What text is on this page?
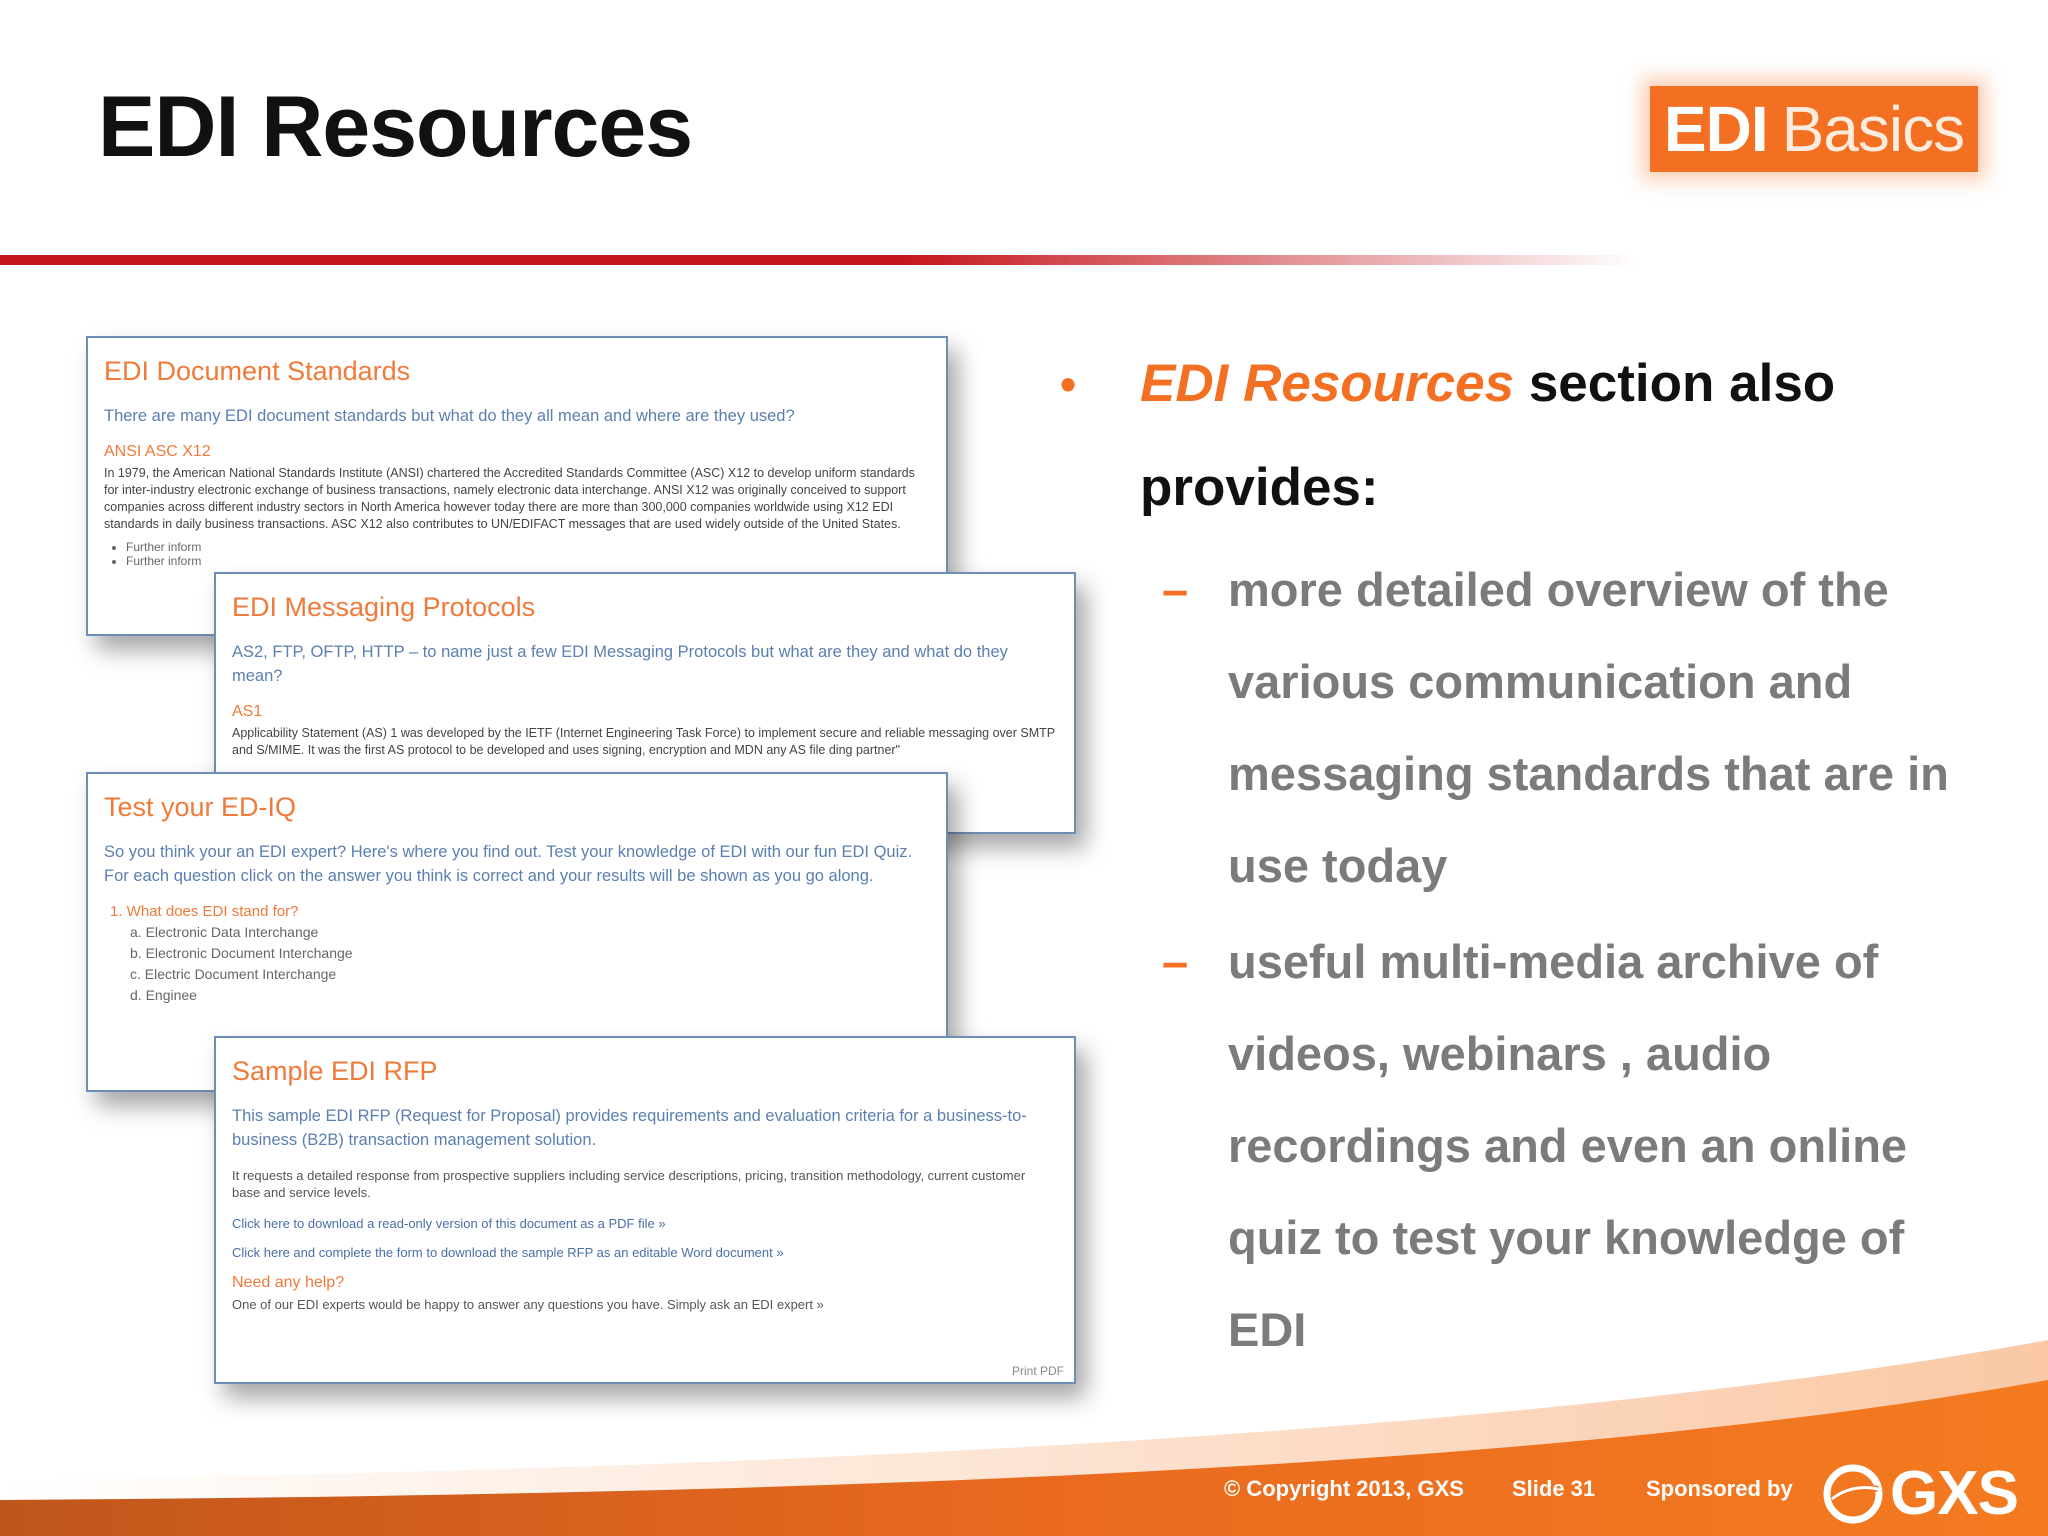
EDI Resources	EDI Basics
EDI Document Standards

There are many EDI document standards but what do they all mean and where are they used?

ANSI ASC X12

In 1979, the American National Standards Institute (ANSI) chartered the Accredited Standards Committee (ASC) X12 to develop uniform standards for inter-industry electronic exchange of business transactions, namely electronic data interchange. ANSI X12 was originally conceived to support companies across different industry sectors in North America however today there are more than 300,000 companies worldwide using X12 EDI standards in daily business transactions. ASC X12 also contributes to UN/EDIFACT messages that are used widely outside of the United States.

• Further inform
• Further inform
EDI Messaging Protocols

AS2, FTP, OFTP, HTTP – to name just a few EDI Messaging Protocols but what are they and what do they mean?

AS1

Applicability Statement (AS) 1 was developed by the IETF (Internet Engineering Task Force) to implement secure and reliable messaging over SMTP and S/MIME. It was the first AS protocol to be developed and uses signing, encryption and MDN any AS file ding partner"

Test your ED-IQ

So you think your an EDI expert? Here's where you find out. Test your knowledge of EDI with our fun EDI Quiz. For each question click on the answer you think is correct and your results will be shown as you go along.

1. What does EDI stand for?
a. Electronic Data Interchange
b. Electronic Document Interchange
c. Electric Document Interchange
d. Enginee
Sample EDI RFP

This sample EDI RFP (Request for Proposal) provides requirements and evaluation criteria for a business-to-business (B2B) transaction management solution.

It requests a detailed response from prospective suppliers including service descriptions, pricing, transition methodology, current customer base and service levels.

Click here to download a read-only version of this document as a PDF file »

Click here and complete the form to download the sample RFP as an editable Word document »

Need any help?

One of our EDI experts would be happy to answer any questions you have. Simply ask an EDI expert »

Print PDF
• EDI Resources section also provides:
– more detailed overview of the various communication and messaging standards that are in use today
– useful multi-media archive of videos, webinars , audio recordings and even an online quiz to test your knowledge of EDI
© Copyright 2013, GXS Slide 31 Sponsored by GXS
